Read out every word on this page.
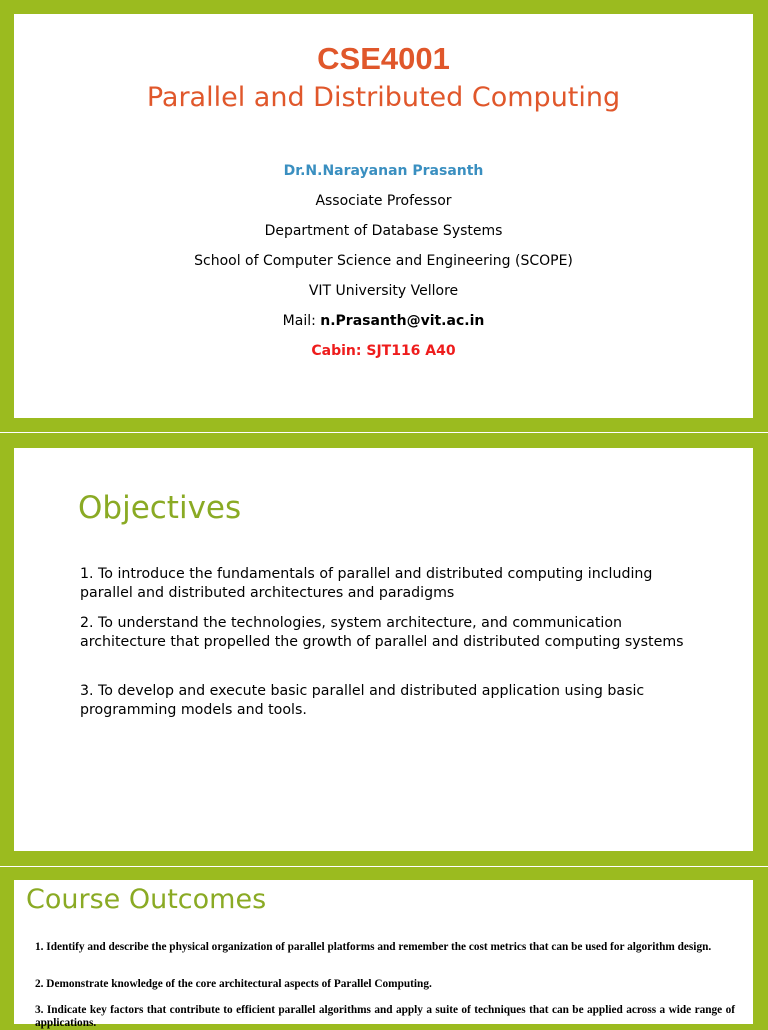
CSE4001
Parallel and Distributed Computing
Dr.N.Narayanan Prasanth
Associate Professor
Department of Database Systems
School of Computer Science and Engineering (SCOPE)
VIT University Vellore
Mail: n.Prasanth@vit.ac.in
Cabin: SJT116 A40
Objectives
1. To introduce the fundamentals of parallel and distributed computing including parallel and distributed architectures and paradigms
2. To understand the technologies, system architecture, and communication architecture that propelled the growth of parallel and distributed computing systems
3. To develop and execute basic parallel and distributed application using basic programming models and tools.
Course Outcomes
1. Identify and describe the physical organization of parallel platforms and remember the cost metrics that can be used for algorithm design.
2. Demonstrate knowledge of the core architectural aspects of Parallel Computing.
3. Indicate key factors that contribute to efficient parallel algorithms and apply a suite of techniques that can be applied across a wide range of applications.
